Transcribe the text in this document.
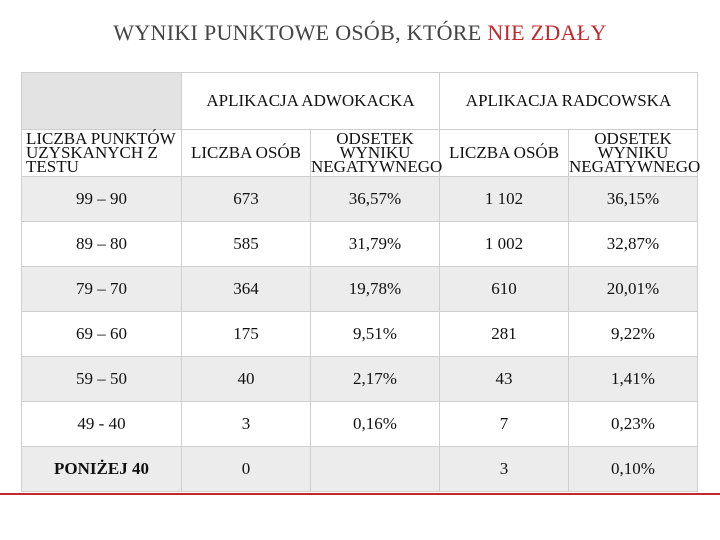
WYNIKI PUNKTOWE OSÓB, KTÓRE NIE ZDAŁY
	APLIKACJA ADWOKACKA		APLIKACJA RADCOWSKA	
LICZBA PUNKTÓW UZYSKANYCH Z TESTU	LICZBA OSÓB	ODSETEK WYNIKU NEGATYWNEGO	LICZBA OSÓB	ODSETEK WYNIKU NEGATYWNEGO
99 – 90	673	36,57%	1 102	36,15%
89 – 80	585	31,79%	1 002	32,87%
79 – 70	364	19,78%	610	20,01%
69 – 60	175	9,51%	281	9,22%
59 – 50	40	2,17%	43	1,41%
49 - 40	3	0,16%	7	0,23%
PONIŻEJ 40	0		3	0,10%
